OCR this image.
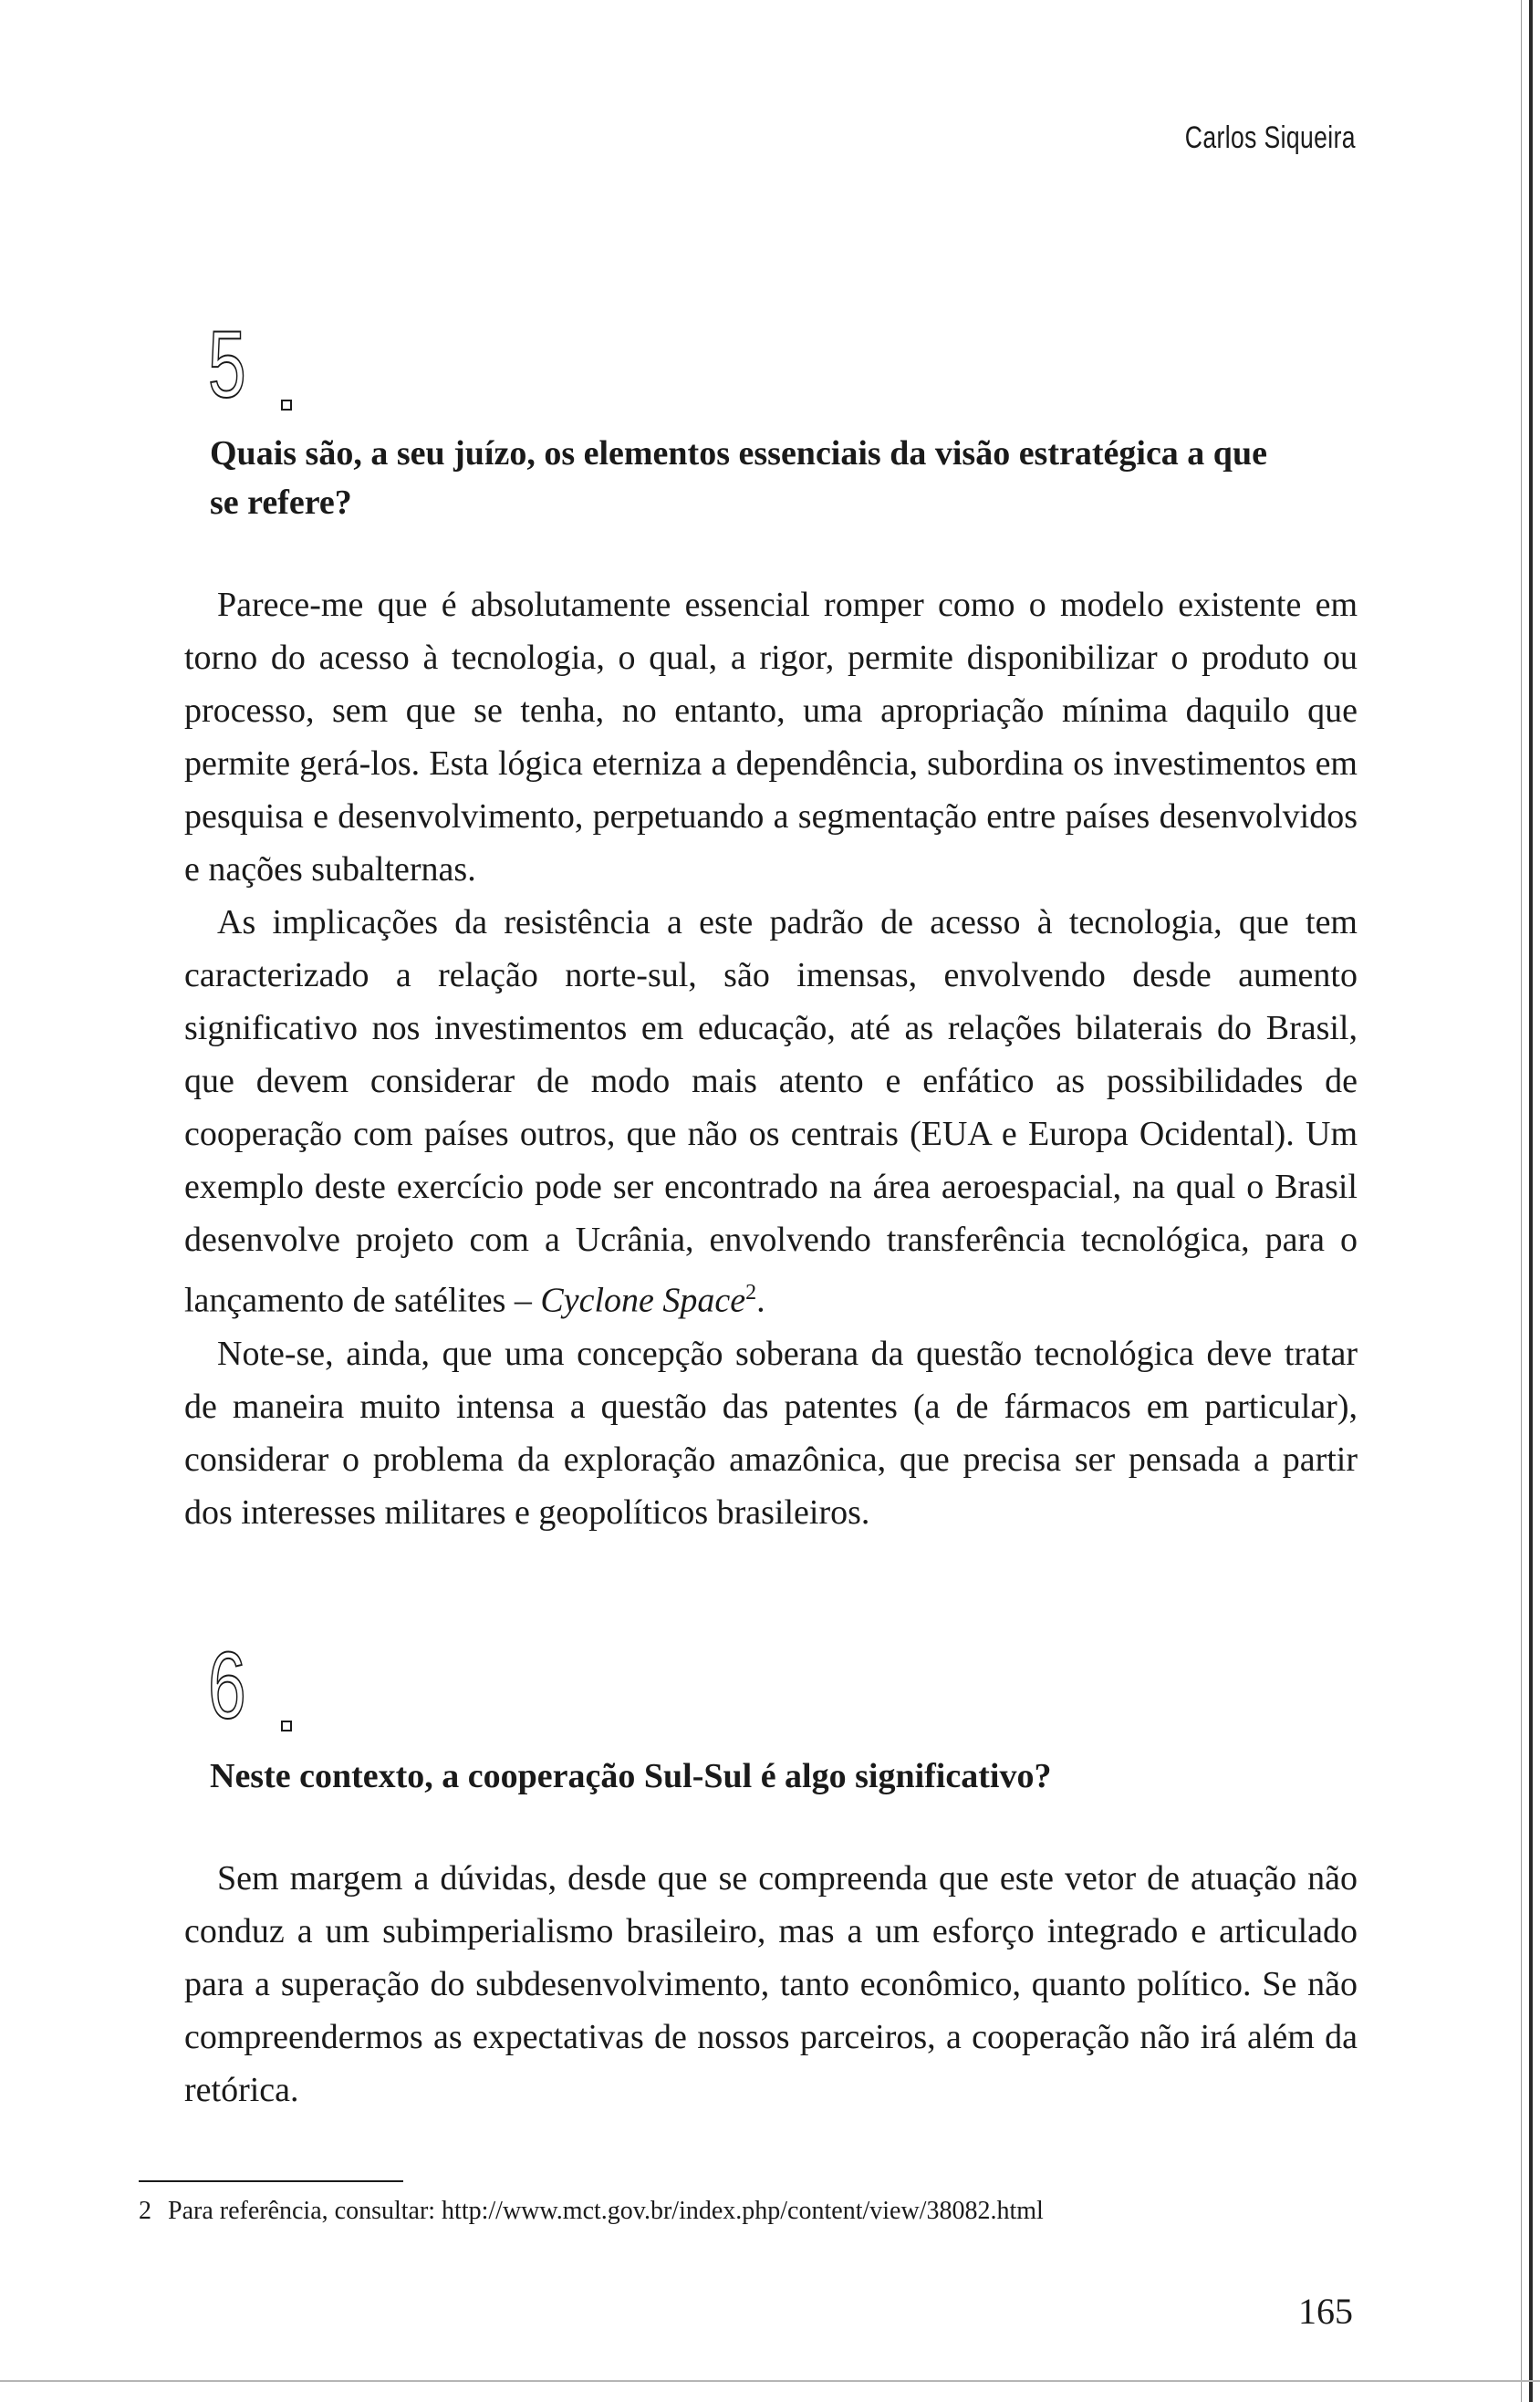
Carlos Siqueira
5
Quais são, a seu juízo, os elementos essenciais da visão estratégica a que
se refere?

Parece-me que é absolutamente essencial romper como o modelo existente em torno do acesso à tecnologia, o qual, a rigor, permite disponibilizar o produto ou processo, sem que se tenha, no entanto, uma apropriação mínima daquilo que permite gerá-los. Esta lógica eterniza a dependência, subordina os investimentos em pesquisa e desenvolvimento, perpetuando a segmentação entre países desenvolvidos e nações subalternas.

As implicações da resistência a este padrão de acesso à tecnologia, que tem caracterizado a relação norte-sul, são imensas, envolvendo desde aumento significativo nos investimentos em educação, até as relações bilaterais do Brasil, que devem considerar de modo mais atento e enfático as possibilidades de cooperação com países outros, que não os centrais (EUA e Europa Ocidental). Um exemplo deste exercício pode ser encontrado na área aeroespacial, na qual o Brasil desenvolve projeto com a Ucrânia, envolvendo transferência tecnológica, para o lançamento de satélites – Cyclone Space$^2$.

Note-se, ainda, que uma concepção soberana da questão tecnológica deve tratar de maneira muito intensa a questão das patentes (a de fármacos em particular), considerar o problema da exploração amazônica, que precisa ser pensada a partir dos interesses militares e geopolíticos brasileiros.

6
Neste contexto, a cooperação Sul-Sul é algo significativo?

Sem margem a dúvidas, desde que se compreenda que este vetor de atuação não conduz a um subimperialismo brasileiro, mas a um esforço integrado e articulado para a superação do subdesenvolvimento, tanto econômico, quanto político. Se não compreendermos as expectativas de nossos parceiros, a cooperação não irá além da retórica.

2 Para referência, consultar: http://www.mct.gov.br/index.php/content/view/38082.html
165
